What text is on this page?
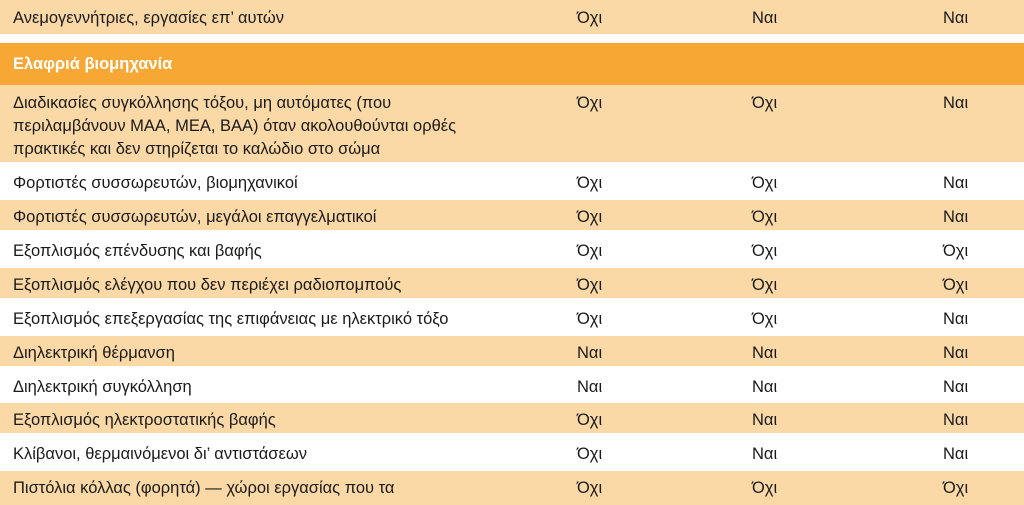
Ανεμογεννήτριες, εργασίες επ’ αυτών	Όχι	Ναι	Ναι
Ελαφριά βιομηχανία
Διαδικασίες συγκόλλησης τόξου, μη αυτόματες (που
περιλαμβάνουν MAA, MEA, BAA) όταν ακολουθούνται ορθές
πρακτικές και δεν στηρίζεται το καλώδιο στο σώμα
Όχι	Όχι	Ναι
Φορτιστές συσσωρευτών, βιομηχανικοί	Όχι	Όχι	Ναι
Φορτιστές συσσωρευτών, μεγάλοι επαγγελματικοί	Όχι	Όχι	Ναι
Εξοπλισμός επένδυσης και βαφής	Όχι	Όχι	Όχι
Εξοπλισμός ελέγχου που δεν περιέχει ραδιοπομπούς	Όχι	Όχι	Όχι
Εξοπλισμός επεξεργασίας της επιφάνειας με ηλεκτρικό τόξο	Όχι	Όχι	Ναι
Διηλεκτρική θέρμανση	Ναι	Ναι	Ναι
Διηλεκτρική συγκόλληση	Ναι	Ναι	Ναι
Εξοπλισμός ηλεκτροστατικής βαφής	Όχι	Ναι	Ναι
Κλίβανοι, θερμαινόμενοι δι’ αντιστάσεων	Όχι	Ναι	Ναι
Πιστόλια κόλλας (φορητά) — χώροι εργασίας που τα	Όχι	Όχι	Όχι
